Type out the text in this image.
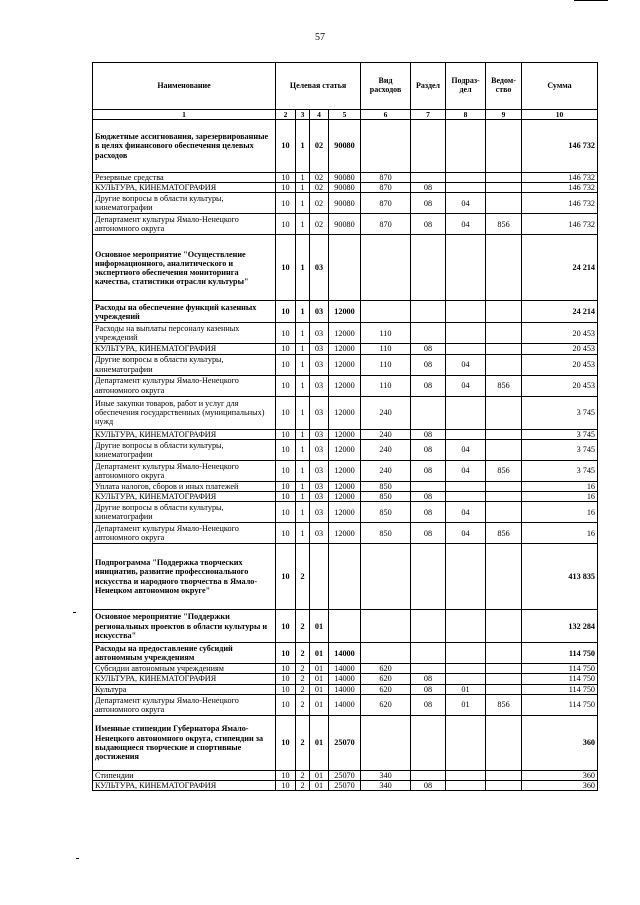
57
Наименование	Целевая статья				Вид расходов	Раздел	Подраз-дел	Ведом-ство	Сумма
1	2	3	4	5	6	7	8	9	10
Бюджетные ассигнования, зарезервированные в целях финансового обеспечения целевых расходов	10	1	02	90080					146 732
Резервные средства	10	1	02	90080	870				146 732
КУЛЬТУРА, КИНЕМАТОГРАФИЯ	10	1	02	90080	870	08			146 732
Другие вопросы в области культуры, кинематографии	10	1	02	90080	870	08	04		146 732
Департамент культуры Ямало-Ненецкого автономного округа	10	1	02	90080	870	08	04	856	146 732
Основное мероприятие "Осуществление информационного, аналитического и экспертного обеспечения мониторинга качества, статистики отрасли культуры"	10	1	03						24 214
Расходы на обеспечение функций казенных учреждений	10	1	03	12000					24 214
Расходы на выплаты персоналу казенных учреждений	10	1	03	12000	110				20 453
КУЛЬТУРА, КИНЕМАТОГРАФИЯ	10	1	03	12000	110	08			20 453
Другие вопросы в области культуры, кинематографии	10	1	03	12000	110	08	04		20 453
Департамент культуры Ямало-Ненецкого автономного округа	10	1	03	12000	110	08	04	856	20 453
Иные закупки товаров, работ и услуг для обеспечения государственных (муниципальных) нужд	10	1	03	12000	240				3 745
КУЛЬТУРА, КИНЕМАТОГРАФИЯ	10	1	03	12000	240	08			3 745
Другие вопросы в области культуры, кинематографии	10	1	03	12000	240	08	04		3 745
Департамент культуры Ямало-Ненецкого автономного округа	10	1	03	12000	240	08	04	856	3 745
Уплата налогов, сборов и иных платежей	10	1	03	12000	850				16
КУЛЬТУРА, КИНЕМАТОГРАФИЯ	10	1	03	12000	850	08			16
Другие вопросы в области культуры, кинематографии	10	1	03	12000	850	08	04		16
Департамент культуры Ямало-Ненецкого автономного округа	10	1	03	12000	850	08	04	856	16
Подпрограмма "Поддержка творческих инициатив, развитие профессионального искусства и народного творчества в Ямало-Ненецком автономном округе"	10	2							413 835
Основное мероприятие "Поддержки региональных проектов в области культуры и искусства"	10	2	01						132 284
Расходы на предоставление субсидий автономным учреждениям	10	2	01	14000					114 750
Субсидии автономным учреждениям	10	2	01	14000	620				114 750
КУЛЬТУРА, КИНЕМАТОГРАФИЯ	10	2	01	14000	620	08			114 750
Культура	10	2	01	14000	620	08	01		114 750
Департамент культуры Ямало-Ненецкого автономного округа	10	2	01	14000	620	08	01	856	114 750
Именные стипендии Губернатора Ямало-Ненецкого автономного округа, стипендии за выдающиеся творческие и спортивные достижения	10	2	01	25070					360
Стипендии	10	2	01	25070	340				360
КУЛЬТУРА, КИНЕМАТОГРАФИЯ	10	2	01	25070	340	08			360
